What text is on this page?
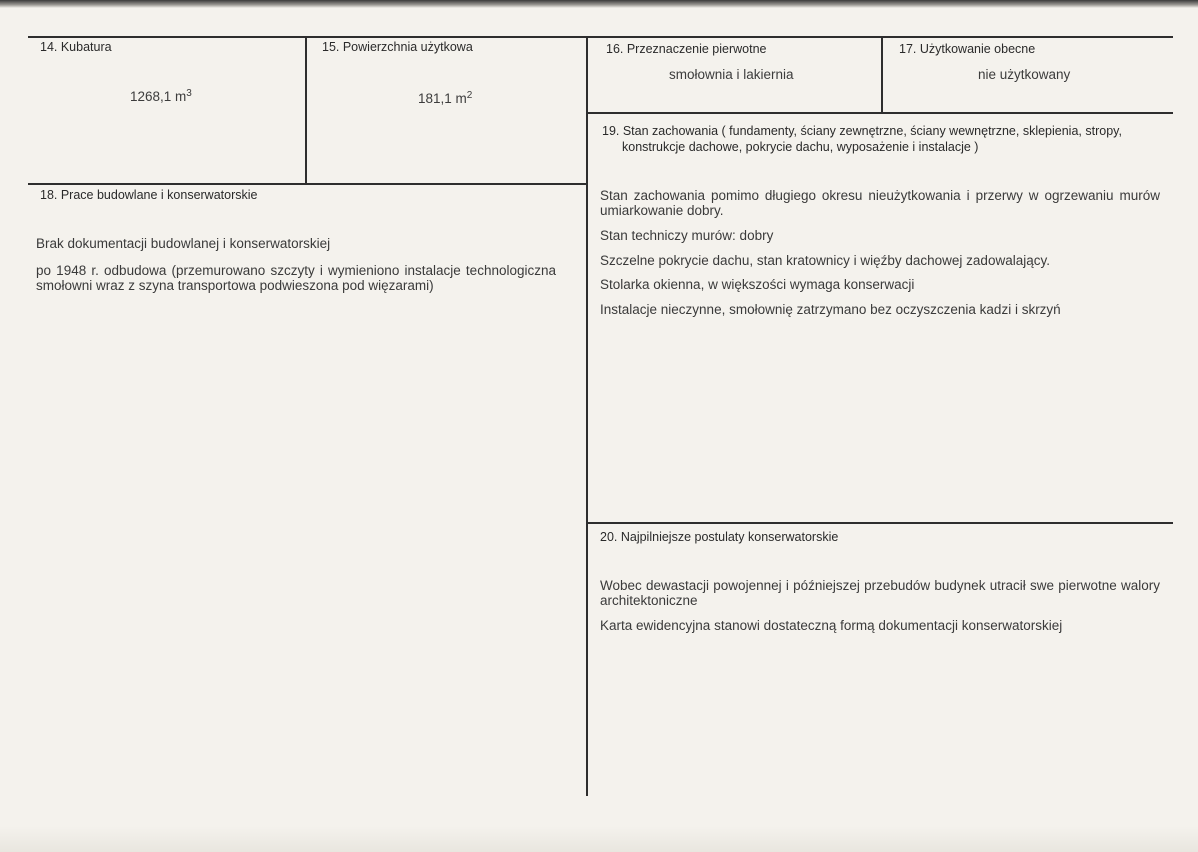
14. Kubatura
1268,1 $m^3$
15. Powierzchnia użytkowa
181,1 $m^2$
16. Przeznaczenie pierwotne
smołownia i lakiernia
17. Użytkowanie obecne
nie użytkowany
18. Prace budowlane i konserwatorskie
Brak dokumentacji budowlanej i konserwatorskiej
po 1948 r. odbudowa (przemurowano szczyty i wymieniono instalacje technologiczna smołowni wraz z szyna transportowa podwieszona pod więzarami)
19. Stan zachowania ( fundamenty, ściany zewnętrzne, ściany wewnętrzne, sklepienia, stropy,
konstrukcje dachowe, pokrycie dachu, wyposażenie i instalacje )
Stan zachowania pomimo długiego okresu nieużytkowania i przerwy w ogrzewaniu murów umiarkowanie dobry.
Stan techniczy murów: dobry
Szczelne pokrycie dachu, stan kratownicy i więźby dachowej zadowalający.
Stolarka okienna, w większości wymaga konserwacji
Instalacje nieczynne, smołownię zatrzymano bez oczyszczenia kadzi i skrzyń
20. Najpilniejsze postulaty konserwatorskie
Wobec dewastacji powojennej i późniejszej przebudów budynek utracił swe pierwotne walory architektoniczne
Karta ewidencyjna stanowi dostateczną formą dokumentacji konserwatorskiej
